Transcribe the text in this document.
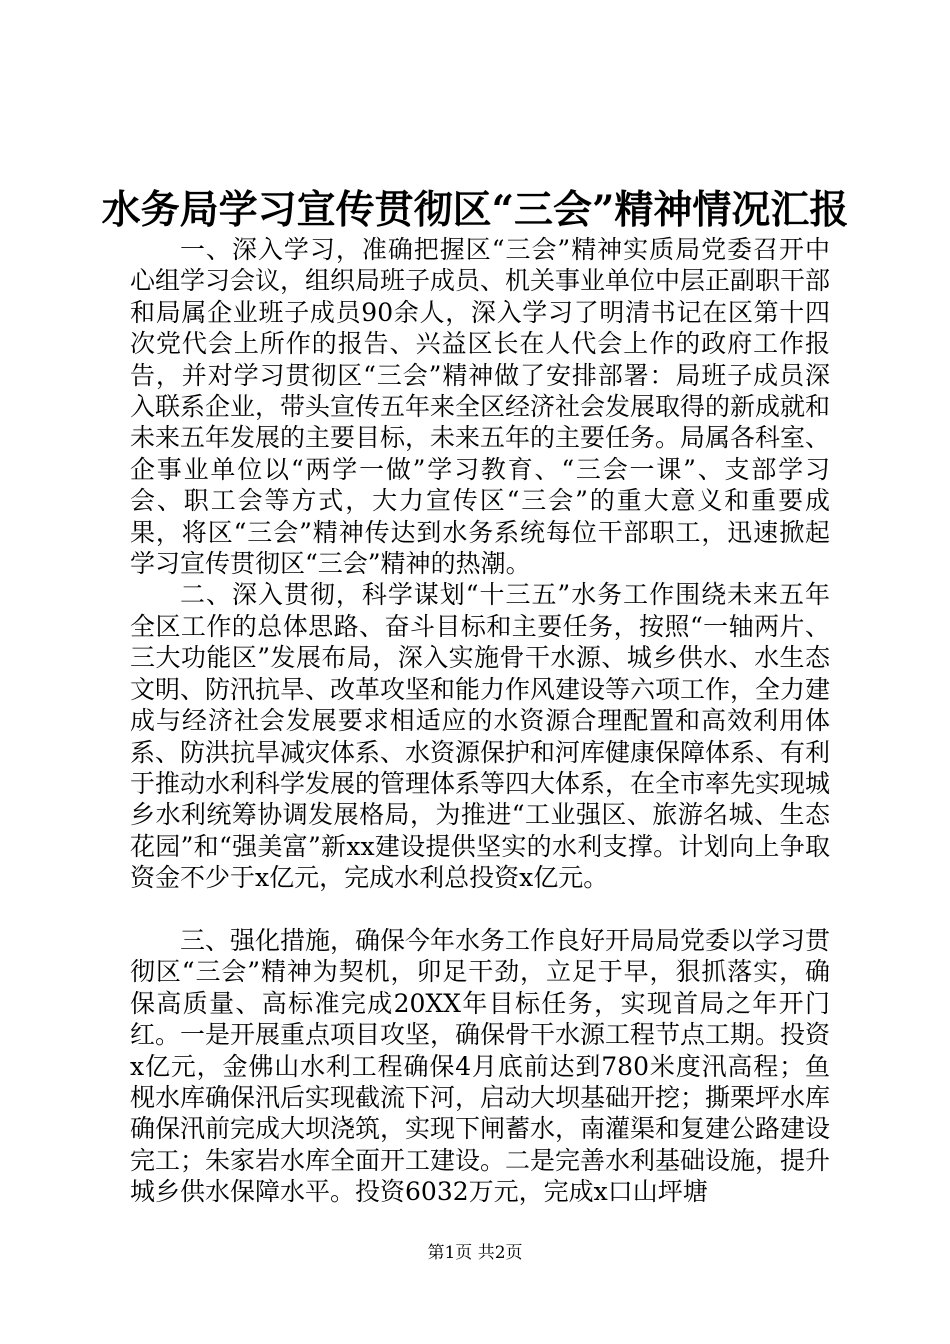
水务局学习宣传贯彻区“三会”精神情况汇报

一、深入学习，准确把握区“三会”精神实质局党委召开中心组学习会议，组织局班子成员、机关事业单位中层正副职干部和局属企业班子成员90余人，深入学习了明清书记在区第十四次党代会上所作的报告、兴益区长在人代会上作的政府工作报告，并对学习贯彻区“三会”精神做了安排部署：局班子成员深入联系企业，带头宣传五年来全区经济社会发展取得的新成就和未来五年发展的主要目标，未来五年的主要任务。局属各科室、企事业单位以“两学一做”学习教育、“三会一课”、支部学习会、职工会等方式，大力宣传区“三会”的重大意义和重要成果，将区“三会”精神传达到水务系统每位干部职工，迅速掀起学习宣传贯彻区“三会”精神的热潮。

二、深入贯彻，科学谋划“十三五”水务工作围绕未来五年全区工作的总体思路、奋斗目标和主要任务，按照“一轴两片、三大功能区”发展布局，深入实施骨干水源、城乡供水、水生态文明、防汛抗旱、改革攻坚和能力作风建设等六项工作，全力建成与经济社会发展要求相适应的水资源合理配置和高效利用体系、防洪抗旱减灾体系、水资源保护和河库健康保障体系、有利于推动水利科学发展的管理体系等四大体系，在全市率先实现城乡水利统筹协调发展格局，为推进“工业强区、旅游名城、生态花园”和“强美富”新xx建设提供坚实的水利支撑。计划向上争取资金不少于x亿元，完成水利总投资x亿元。

三、强化措施，确保今年水务工作良好开局局党委以学习贯彻区“三会”精神为契机，卯足干劲，立足于早，狠抓落实，确保高质量、高标准完成20XX年目标任务，实现首局之年开门红。一是开展重点项目攻坚，确保骨干水源工程节点工期。投资x亿元，金佛山水利工程确保4月底前达到780米度汛高程；鱼枧水库确保汛后实现截流下河，启动大坝基础开挖；撕栗坪水库确保汛前完成大坝浇筑，实现下闸蓄水，南灌渠和复建公路建设完工；朱家岩水库全面开工建设。二是完善水利基础设施，提升城乡供水保障水平。投资6032万元，完成x口山坪塘

第1页 共2页
